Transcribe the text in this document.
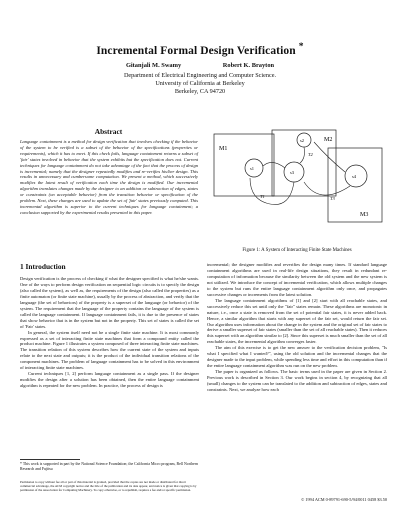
Incremental Formal Design Verification *
Gitanjali M. Swamy	Robert K. Brayton
Department of Electrical Engineering and Computer Science.
University of California at Berkeley
Berkeley, CA 94720
Abstract
Language containment is a method for design verification that involves checking if the behavior of the system to be verified is a subset of the behavior of the specifications (properties or requirements), which it has to meet. If this check fails, language containment returns a subset of 'fair' states involved in behavior that the system exhibits but the specification does not. Current techniques for language containment do not take advantage of the fact that the process of design is incremental; namely that the designer repeatedly modifies and re-verifies his/her design. This results in unnecessary and cumbersome computation. We present a method, which successively modifies the latest result of verification each time the design is modified. Our incremental algorithm translates changes made by the designer to an addition or subtraction of edges, states or constraints (on acceptable behavior) from the transition behavior or specification of the problem. Next, these changes are used to update the set of 'fair' states previously computed. This incremental algorithm is superior to the current techniques for language containment; a conclusion supported by the experimental results presented in this paper.
1 Introduction

Design verification is the process of checking if what the designer specified is what he/she wants. One of the ways to perform design verification on sequential logic circuits is to specify the design (also called the system), as well as, the requirements of the design (also called the properties) as a finite automaton (or finite state machine), usually by the process of abstraction, and verify that the language (the set of behaviors) of the property is a superset of the language (or behavior) of the system. The requirement that the language of the property contains the language of the system is called the language containment. If language containment fails, it is due to the presence of states that show behavior that is in the system but not in the property. This set of states is called the set of 'Fair' states.

In general, the system itself need not be a single finite state machine. It is most commonly expressed as a set of interacting finite state machines that form a compound entity called the product machine. Figure 1 illustrates a system composed of three interacting finite state machines. The transition relation of this system describes how the current state of the system and inputs relate to the next state and outputs; it is the product of the individual transition relations of the component machines. The problem of language containment has to be solved in this environment of interacting finite state machines.

Current techniques [1, 2] perform language containment as a single pass. If the designer modifies the design after a solution has been obtained, then the entire language containment algorithm is repeated for the new problem. In practice, the process of design is

* This work is supported in part by the National Science Foundation; the California Micro program, Bell Northern Research and Fujitsu
Permission to copy without fee all or part of this material is granted, provided that the copies are not made or distributed for direct commercial advantage, the ACM copyright notice and the title of the publication and its date appear, and notice is given that copying is by permission of the Association for Computing Machinery. To copy otherwise, or to republish, requires a fee and/or specific permission.
M1
s1
M2
s2
s3
M3
s4
T1
T2
T3
Figure 1: A System of Interacting Finite State Machines

incremental; the designer modifies and reverifies the design many times. If standard language containment algorithms are used in real-life design situations, they result in redundant re-computation of information because the similarity between the old system and the new system is not utilized. We introduce the concept of incremental verification, which allows multiple changes to the system but runs the entire language containment algorithm only once, and propagates successive changes or increments from the latest solution.

The language containment algorithms of [1] and [2] start with all reachable states, and successively reduce this set until only the "fair" states remain. These algorithms are monotonic in nature, i.e., once a state is removed from the set of potential fair states, it is never added back. Hence, a similar algorithm that starts with any superset of the fair set, would return the fair set. Our algorithm uses information about the change in the system and the original set of fair states to derive a smaller superset of fair states (smaller than the set of all reachable states). Then it reduces this superset with an algorithm similar to [2]. Since this superset is much smaller than the set of all reachable states, the incremental algorithm converges faster.

The aim of this exercise is to get the new answer to the verification decision problem, "Is what I specified what I wanted?", using the old solution and the incremental changes that the designer made to the input problem, while spending less time and effort in this computation than if the entire language containment algorithm was run on the new problem.

The paper is organized as follows. The basic terms used in the paper are given in Section 2. Previous work is described in Section 3. Our work begins in section 4, by recognizing that all (small) changes to the system can be translated to the addition and subtraction of edges, states and constraints. Next, we analyze how each

© 1994 ACM 0-89791-690-5/94/0011 0458 $3.50
